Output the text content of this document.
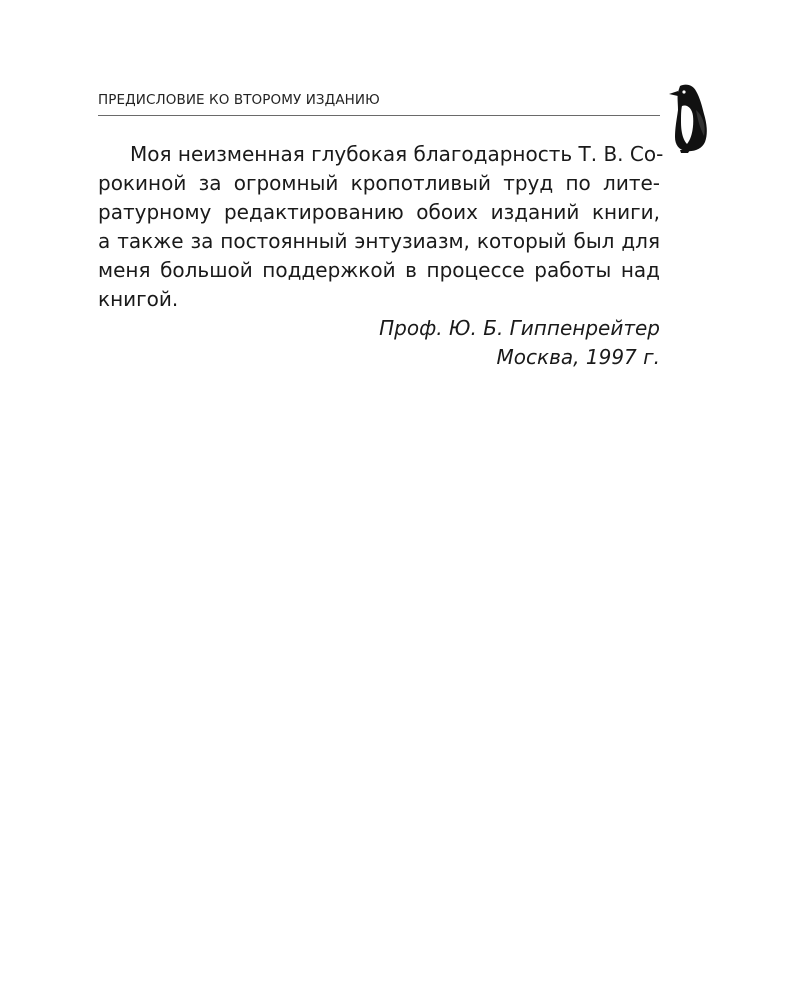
ПРЕДИСЛОВИЕ КО ВТОРОМУ ИЗДАНИЮ
Моя неизменная глубокая благодарность Т. В. Со-
рокиной за огромный кропотливый труд по лите-
ратурному редактированию обоих изданий книги,
а также за постоянный энтузиазм, который был для
меня большой поддержкой в процессе работы над
книгой.
Проф. Ю. Б. Гиппенрейтер
Москва, 1997 г.
